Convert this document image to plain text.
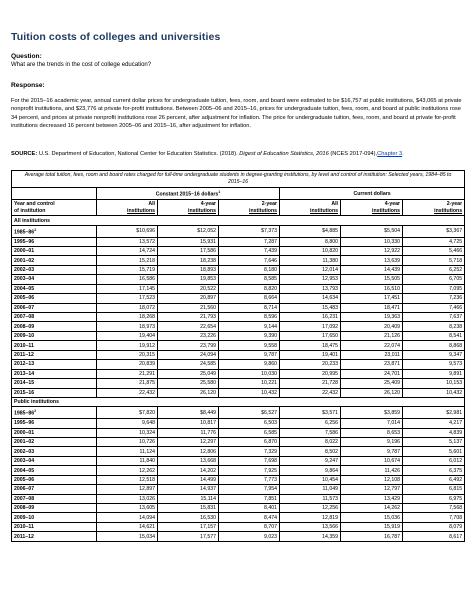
Tuition costs of colleges and universities
Question:
What are the trends in the cost of college education?
Response:
For the 2015–16 academic year, annual current dollar prices for undergraduate tuition, fees, room, and board were estimated to be $16,757 at public institutions, $43,065 at private nonprofit institutions, and $23,776 at private for-profit institutions. Between 2005–06 and 2015–16, prices for undergraduate tuition, fees, room, and board at public institutions rose 34 percent, and prices at private nonprofit institutions rose 26 percent, after adjustment for inflation. The price for undergraduate tuition, fees, room, and board at private for-profit institutions decreased 16 percent between 2005–06 and 2015–16, after adjustment for inflation.
SOURCE: U.S. Department of Education, National Center for Education Statistics. (2018). Digest of Education Statistics, 2016 (NCES 2017-094),Chapter 3.
Average total tuition, fees, room and board rates charged for full-time undergraduate students in degree-granting institutions, by level and control of institution: Selected years, 1984–85 to 2015–16						
	Constant 2015–16 dollars$^1$			Current dollars		
Year and control
of institution	All
institutions	4-year
institutions	2-year
institutions	All
institutions	4-year
institutions	2-year
institutions
All institutions						
$1985-86^2$	$10,696	$12,052	$7,373	$4,885	$5,504	$3,367
1995–96	13,572	15,931	7,287	8,800	10,330	4,725
2000–01	14,724	17,586	7,439	10,820	12,922	5,466
2001–02	15,218	18,238	7,646	11,380	13,639	5,718
2002–03	15,719	18,893	8,180	12,014	14,439	6,252
2003–04	16,586	19,853	8,585	12,953	15,505	6,705
2004–05	17,145	20,522	8,820	13,793	16,510	7,095
2005–06	17,523	20,897	8,664	14,634	17,451	7,236
2006–07	18,072	21,560	8,714	15,483	18,471	7,466
2007–08	18,268	21,793	8,596	16,231	19,363	7,637
2008–09	18,973	22,654	9,144	17,092	20,409	8,238
2009–10	19,404	23,226	9,390	17,650	21,126	8,541
2010–11	19,912	23,799	9,558	18,475	22,074	8,868
2011–12	20,315	24,094	9,787	19,401	23,011	9,347
2012–13	20,839	24,585	9,860	20,233	23,871	9,573
2013–14	21,291	25,049	10,030	20,995	24,701	9,891
2014–15	21,875	25,580	10,221	21,728	25,409	10,153
2015–16	22,432	26,120	10,432	22,432	26,120	10,432
Public institutions						
$1985-86^2$	$7,820	$8,449	$6,527	$3,571	$3,859	$2,981
1995–96	9,648	10,817	6,503	6,256	7,014	4,217
2000–01	10,324	11,776	6,585	7,586	8,653	4,839
2001–02	10,726	12,297	6,870	8,022	9,196	5,137
2002–03	11,124	12,806	7,329	8,502	9,787	5,601
2003–04	11,840	13,668	7,698	9,247	10,674	6,012
2004–05	12,262	14,202	7,925	9,864	11,426	6,375
2005–06	12,518	14,499	7,773	10,454	12,108	6,492
2006–07	12,897	14,937	7,954	11,049	12,797	6,815
2007–08	13,026	15,114	7,851	11,573	13,429	6,975
2008–09	13,605	15,831	8,401	12,256	14,262	7,568
2009–10	14,094	16,530	8,474	12,819	15,036	7,708
2010–11	14,621	17,157	8,707	13,566	15,919	8,079
2011–12	15,034	17,577	9,023	14,359	16,787	8,617
